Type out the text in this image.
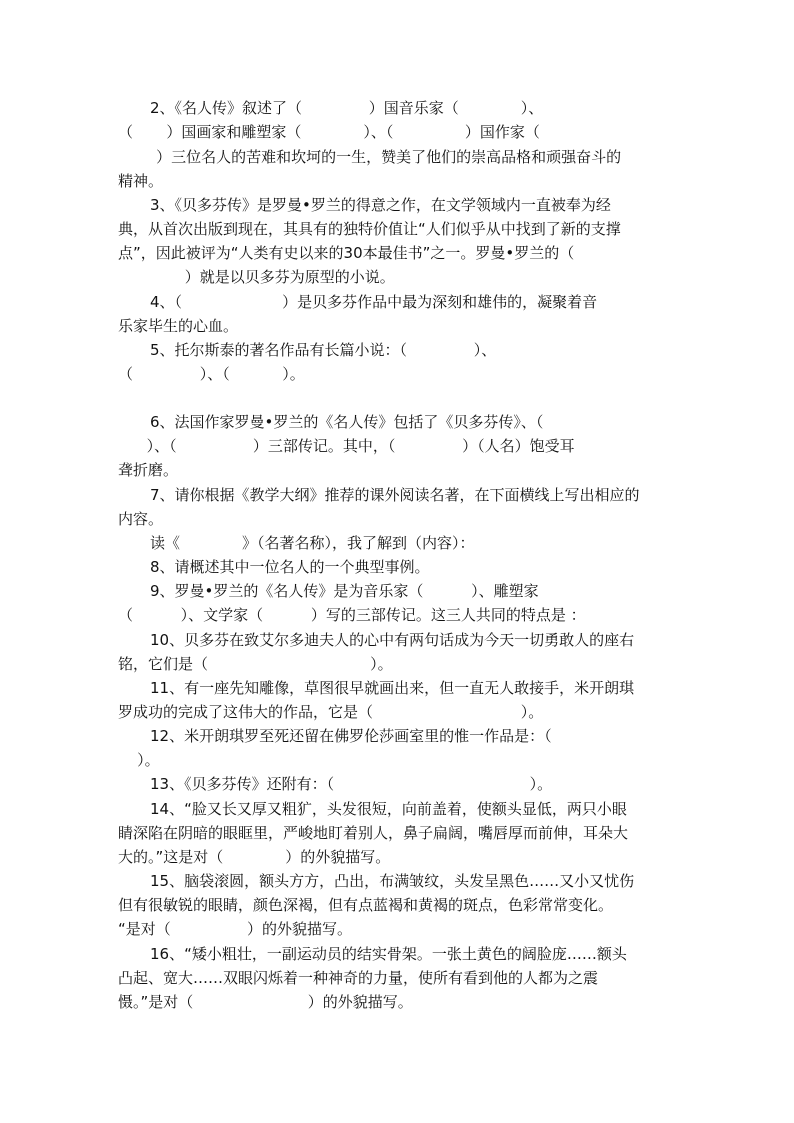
2、《名人传》叙述了（              ）国音乐家（             ）、
（       ）国画家和雕塑家（             ）、（               ）国作家（
）三位名人的苦难和坎坷的一生，赞美了他们的崇高品格和顽强奋斗的
精神。
3、《贝多芬传》是罗曼•罗兰的得意之作，在文学领域内一直被奉为经
典，从首次出版到现在，其具有的独特价值让“人们似乎从中找到了新的支撑
点”，因此被评为“人类有史以来的30本最佳书”之一。罗曼•罗兰的（
）就是以贝多芬为原型的小说。
4、（                     ）是贝多芬作品中最为深刻和雄伟的，凝聚着音
乐家毕生的心血。
5、托尔斯泰的著名作品有长篇小说：（              ）、
（              ）、（           ）。
6、法国作家罗曼•罗兰的《名人传》包括了《贝多芬传》、（
）、（                ）三部传记。其中，（              ）（人名）饱受耳
聋折磨。
7、请你根据《教学大纲》推荐的课外阅读名著，在下面横线上写出相应的
内容。
读《             》（名著名称），我了解到（内容）：
8、请概述其中一位名人的一个典型事例。
9、罗曼•罗兰的《名人传》是为音乐家（          ）、雕塑家
（          ）、文学家（          ）写的三部传记。这三人共同的特点是 ：
10、贝多芬在致艾尔多迪夫人的心中有两句话成为今天一切勇敢人的座右
铭，它们是（                                  ）。
11、有一座先知雕像，草图很早就画出来，但一直无人敢接手，米开朗琪
罗成功的完成了这伟大的作品，它是（                               ）。
12、米开朗琪罗至死还留在佛罗伦莎画室里的惟一作品是：（
）。
13、《贝多芬传》还附有：（                                         ）。
14、“脸又长又厚又粗犷，头发很短，向前盖着，使额头显低，两只小眼
睛深陷在阴暗的眼眶里，严峻地盯着别人，鼻子扁阔，嘴唇厚而前伸，耳朵大
大的。”这是对（             ）的外貌描写。
15、脑袋滚圆，额头方方，凸出，布满皱纹，头发呈黑色……又小又忧伤
但有很敏锐的眼睛，颜色深褐，但有点蓝褐和黄褐的斑点，色彩常常变化。
“是对（                ）的外貌描写。
16、“矮小粗壮，一副运动员的结实骨架。一张土黄色的阔脸庞……额头
凸起、宽大……双眼闪烁着一种神奇的力量，使所有看到他的人都为之震
慑。”是对（                        ）的外貌描写。
